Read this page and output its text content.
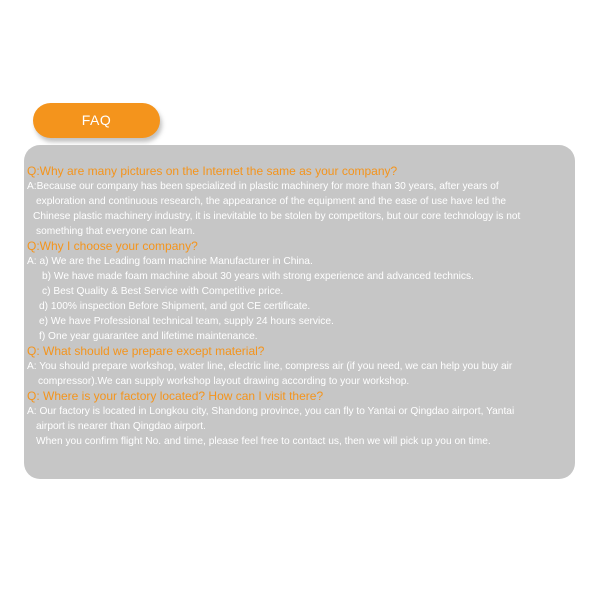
FAQ
Q:Why are many pictures on the Internet the same as your company?
A:Because our company has been specialized in plastic machinery for more than 30 years, after years of
exploration and continuous research, the appearance of the equipment and the ease of use have led the
Chinese plastic machinery industry, it is inevitable to be stolen by competitors, but our core technology is not
something that everyone can learn.
Q:Why I choose your company?
A: a) We are the Leading foam machine Manufacturer in China.
b) We have made foam machine about 30 years with strong experience and advanced technics.
c) Best Quality & Best Service with Competitive price.
d) 100% inspection Before Shipment, and got CE certificate.
e) We have Professional technical team, supply 24 hours service.
f) One year guarantee and lifetime maintenance.
Q: What should we prepare except material?
A: You should prepare workshop, water line, electric line, compress air (if you need, we can help you buy air
compressor).We can supply workshop layout drawing according to your workshop.
Q: Where is your factory located? How can I visit there?
A: Our factory is located in Longkou city, Shandong province, you can fly to Yantai or Qingdao airport, Yantai
airport is nearer than Qingdao airport.
When you confirm flight No. and time, please feel free to contact us, then we will pick up you on time.
